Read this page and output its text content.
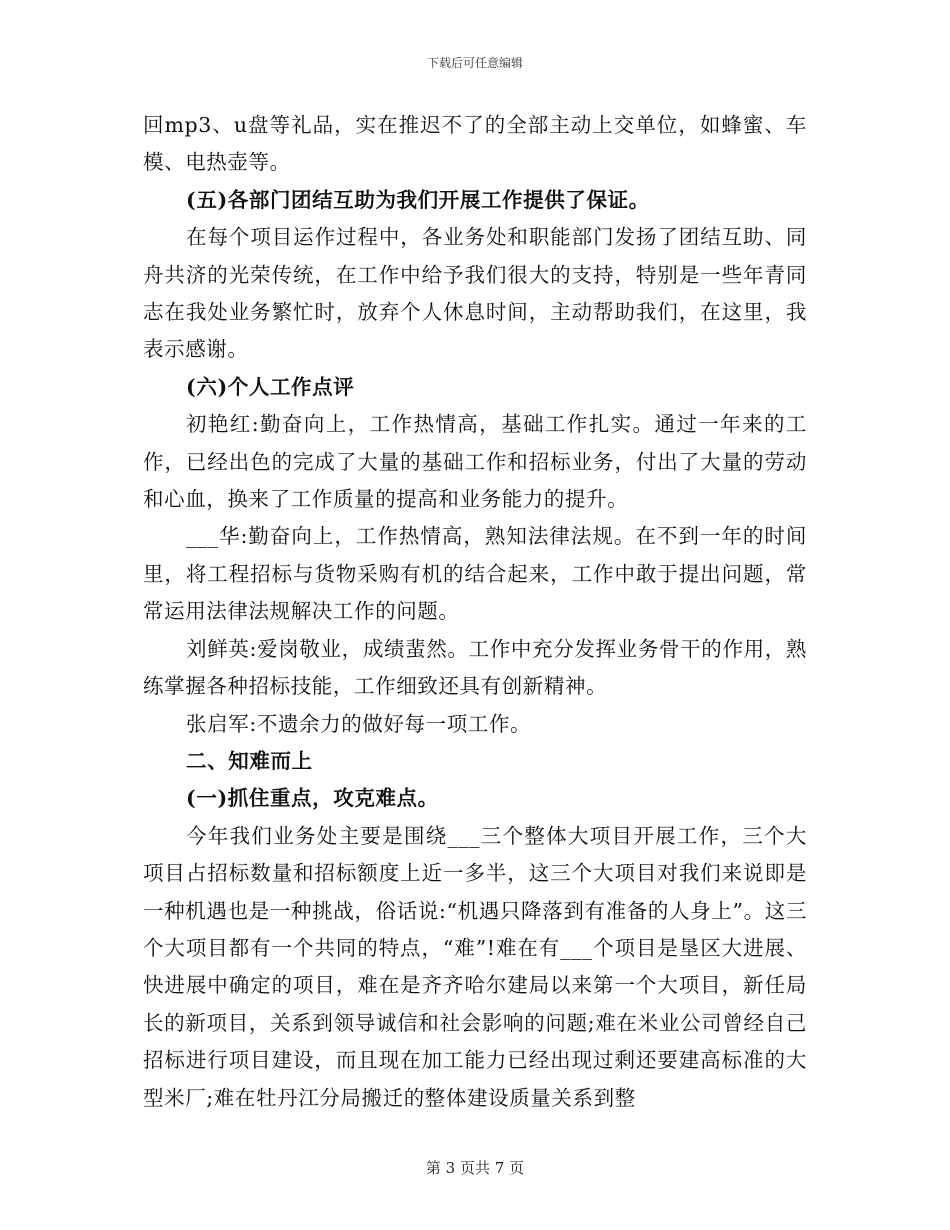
下载后可任意编辑

回mp3、u盘等礼品，实在推迟不了的全部主动上交单位，如蜂蜜、车模、电热壶等。

(五)各部门团结互助为我们开展工作提供了保证。

在每个项目运作过程中，各业务处和职能部门发扬了团结互助、同舟共济的光荣传统，在工作中给予我们很大的支持，特别是一些年青同志在我处业务繁忙时，放弃个人休息时间，主动帮助我们，在这里，我表示感谢。

(六)个人工作点评

初艳红:勤奋向上，工作热情高，基础工作扎实。通过一年来的工作，已经出色的完成了大量的基础工作和招标业务，付出了大量的劳动和心血，换来了工作质量的提高和业务能力的提升。

___华:勤奋向上，工作热情高，熟知法律法规。在不到一年的时间里，将工程招标与货物采购有机的结合起来，工作中敢于提出问题，常常运用法律法规解决工作的问题。

刘鲜英:爱岗敬业，成绩蜚然。工作中充分发挥业务骨干的作用，熟练掌握各种招标技能，工作细致还具有创新精神。

张启军:不遗余力的做好每一项工作。

二、知难而上

(一)抓住重点，攻克难点。

今年我们业务处主要是围绕___三个整体大项目开展工作，三个大项目占招标数量和招标额度上近一多半，这三个大项目对我们来说即是一种机遇也是一种挑战，俗话说:“机遇只降落到有准备的人身上”。这三个大项目都有一个共同的特点，“难”!难在有___个项目是垦区大进展、快进展中确定的项目，难在是齐齐哈尔建局以来第一个大项目，新任局长的新项目，关系到领导诚信和社会影响的问题;难在米业公司曾经自己招标进行项目建设，而且现在加工能力已经出现过剩还要建高标准的大型米厂;难在牡丹江分局搬迁的整体建设质量关系到整

第 3 页共 7 页
